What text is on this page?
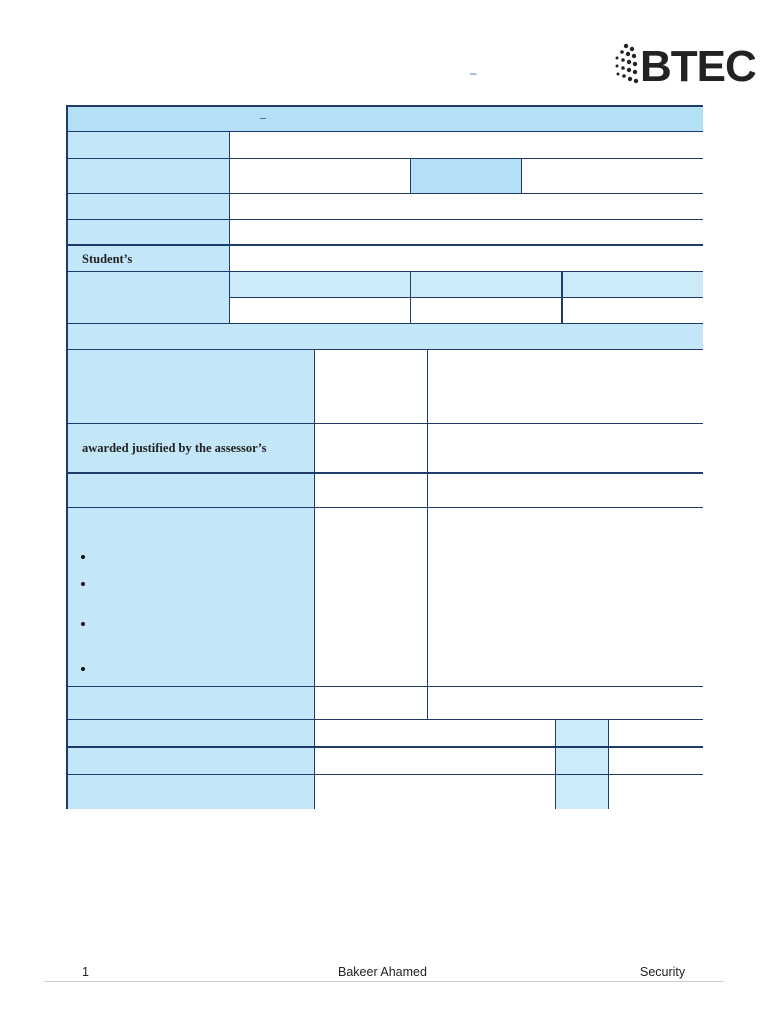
BTEC
–
–
Student’s
awarded justified by the assessor’s
1	Bakeer Ahamed	Security
